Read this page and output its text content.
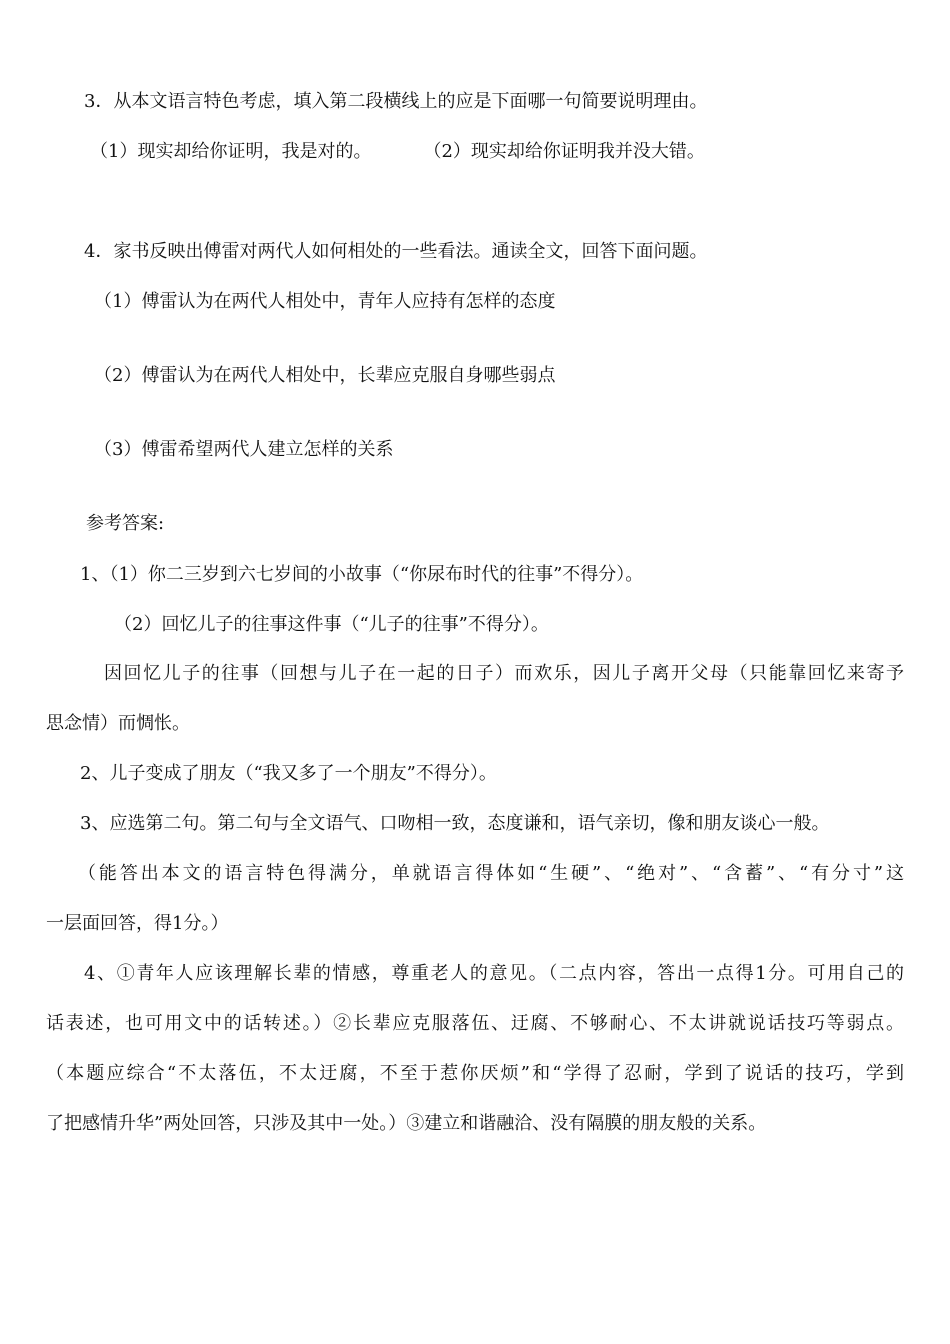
3．从本文语言特色考虑，填入第二段横线上的应是下面哪一句简要说明理由。
（1）现实却给你证明，我是对的。	（2）现实却给你证明我并没大错。
4．家书反映出傅雷对两代人如何相处的一些看法。通读全文，回答下面问题。
（1）傅雷认为在两代人相处中，青年人应持有怎样的态度
（2）傅雷认为在两代人相处中，长辈应克服自身哪些弱点
（3）傅雷希望两代人建立怎样的关系
参考答案:
1、（1）你二三岁到六七岁间的小故事（“你尿布时代的往事”不得分）。
（2）回忆儿子的往事这件事（“儿子的往事”不得分）。
因回忆儿子的往事（回想与儿子在一起的日子）而欢乐，因儿子离开父母（只能靠回忆来寄予
思念情）而惆怅。
2、儿子变成了朋友（“我又多了一个朋友”不得分）。
3、应选第二句。第二句与全文语气、口吻相一致，态度谦和，语气亲切，像和朋友谈心一般。
（能答出本文的语言特色得满分，单就语言得体如“生硬”、“绝对”、“含蓄”、“有分寸”这
一层面回答，得1分。）
4、①青年人应该理解长辈的情感，尊重老人的意见。（二点内容，答出一点得1分。可用自己的
话表述，也可用文中的话转述。）②长辈应克服落伍、迂腐、不够耐心、不太讲就说话技巧等弱点。
（本题应综合“不太落伍，不太迂腐，不至于惹你厌烦”和“学得了忍耐，学到了说话的技巧，学到
了把感情升华”两处回答，只涉及其中一处。）③建立和谐融洽、没有隔膜的朋友般的关系。
